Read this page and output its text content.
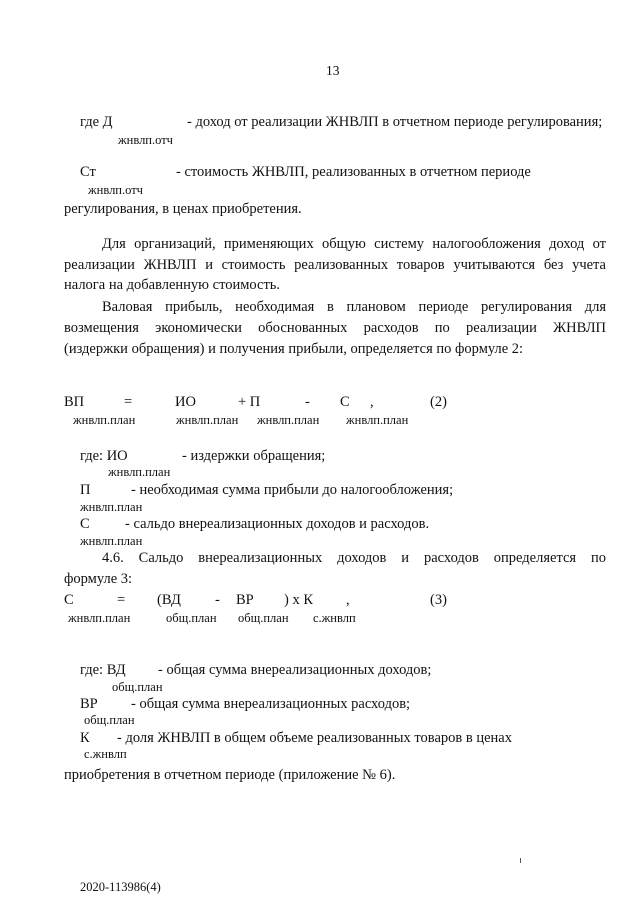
13
где Д	- доход от реализации ЖНВЛП в отчетном периоде регулирования;
жнвлп.отч
Ст	- стоимость ЖНВЛП, реализованных в отчетном периоде
жнвлп.отч
регулирования, в ценах приобретения.
Для организаций, применяющих общую систему налогообложения доход от
реализации ЖНВЛП и стоимость реализованных товаров учитываются без учета
налога на добавленную стоимость.
Валовая прибыль, необходимая в плановом периоде регулирования для
возмещения экономически обоснованных расходов по реализации ЖНВЛП
(издержки обращения) и получения прибыли, определяется по формуле 2:
ВП	=	ИО	+ П	- С ,	(2)
жнвлп.план	жнвлп.план жнвлп.план жнвлп.план
где: ИО	- издержки обращения;
жнвлп.план
П	- необходимая сумма прибыли до налогообложения;
жнвлп.план
С - сальдо внереализационных доходов и расходов.
жнвлп.план
4.6. Сальдо внереализационных доходов и расходов определяется по
формуле 3:
С	= (ВД - ВР ) х К ,	(3)
жнвлп.план	общ.план общ.план с.жнвлп
где: ВД - общая сумма внереализационных доходов;
общ.план
ВР - общая сумма внереализационных расходов;
общ.план
К - доля ЖНВЛП в общем объеме реализованных товаров в ценах
с.жнвлп
приобретения в отчетном периоде (приложение № 6).
2020-113986(4)
